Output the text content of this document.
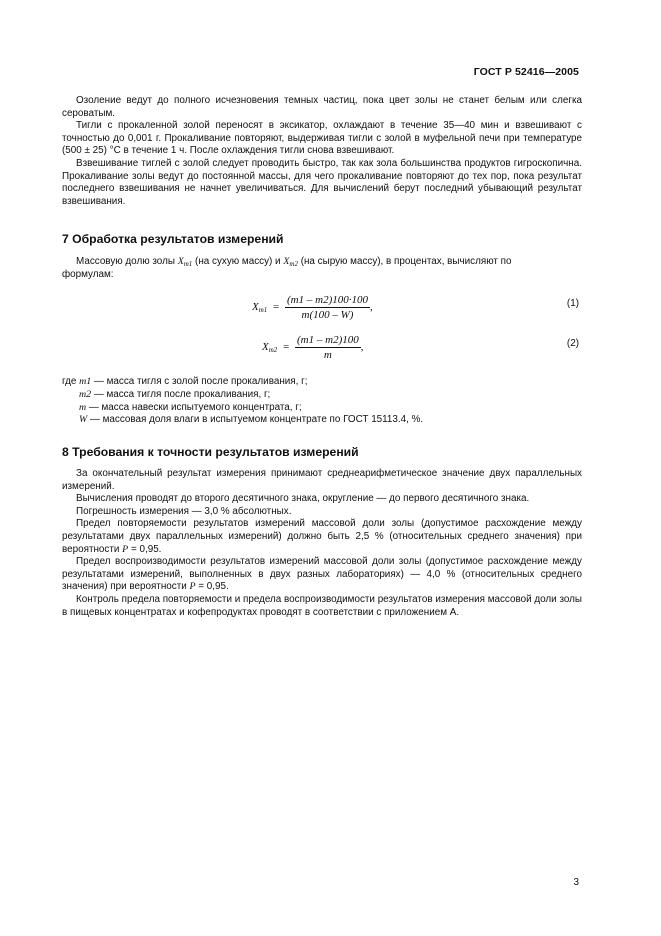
ГОСТ Р 52416—2005

Озоление ведут до полного исчезновения темных частиц, пока цвет золы не станет белым или слегка сероватым.

Тигли с прокаленной золой переносят в эксикатор, охлаждают в течение 35—40 мин и взвешивают с точностью до 0,001 г. Прокаливание повторяют, выдерживая тигли с золой в муфельной печи при температуре (500 ± 25) °С в течение 1 ч. После охлаждения тигли снова взвешивают.

Взвешивание тиглей с золой следует проводить быстро, так как зола большинства продуктов гигроскопична. Прокаливание золы ведут до постоянной массы, для чего прокаливание повторяют до тех пор, пока результат последнего взвешивания не начнет увеличиваться. Для вычислений берут последний убывающий результат взвешивания.

7 Обработка результатов измерений

Массовую долю золы $X_{m1}$ (на сухую массу) и $X_{m2}$ (на сырую массу), в процентах, вычисляют по

формулам:

$X_{m1} = \frac{(m1 - m2)100\cdot 100}{m(100 - W)}$ ,	(1)
$X_{m2} = \frac{(m1 - m2)100}{m}$ ,	(2)
где m1 — масса тигля с золой после прокаливания, г;
m2 — масса тигля после прокаливания, г;
m — масса навески испытуемого концентрата, г;
W — массовая доля влаги в испытуемом концентрате по ГОСТ 15113.4, %.
8 Требования к точности результатов измерений

За окончательный результат измерения принимают среднеарифметическое значение двух параллельных измерений.

Вычисления проводят до второго десятичного знака, округление — до первого десятичного знака.

Погрешность измерения — 3,0 % абсолютных.

Предел повторяемости результатов измерений массовой доли золы (допустимое расхождение между результатами двух параллельных измерений) должно быть 2,5 % (относительных среднего значения) при вероятности P = 0,95.

Предел воспроизводимости результатов измерений массовой доли золы (допустимое расхождение между результатами измерений, выполненных в двух разных лабораториях) — 4,0 % (относительных среднего значения) при вероятности P = 0,95.

Контроль предела повторяемости и предела воспроизводимости результатов измерения массовой доли золы в пищевых концентратах и кофепродуктах проводят в соответствии с приложением А.

3
